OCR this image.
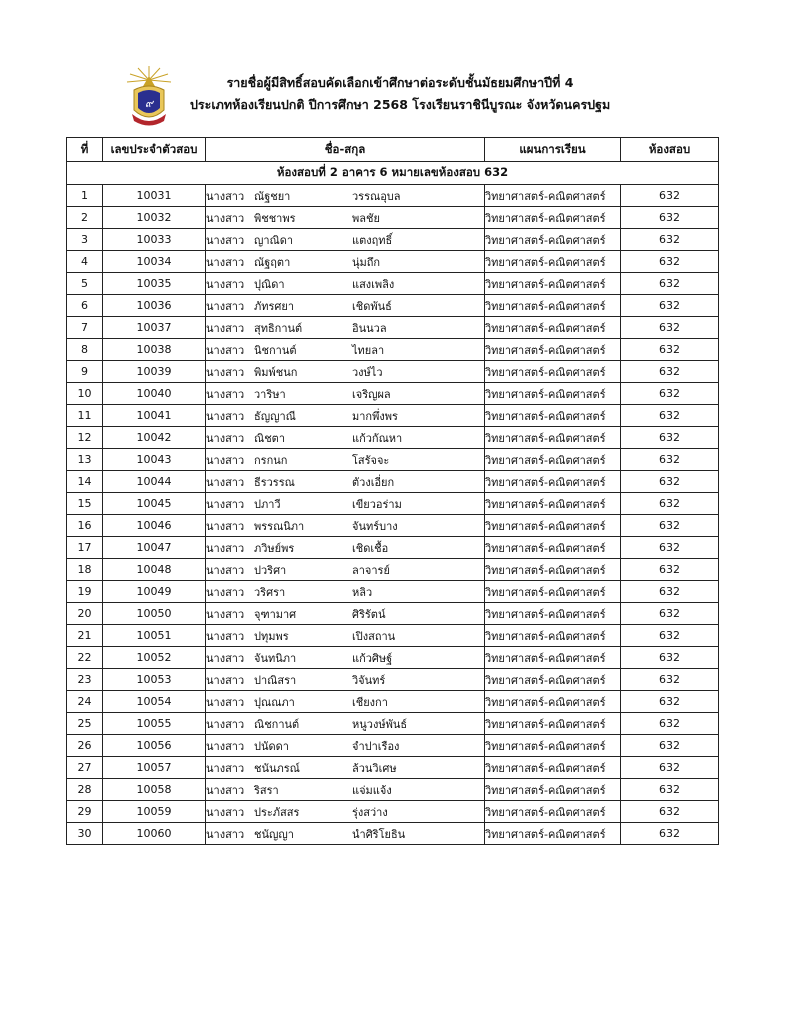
๙
รายชื่อผู้มีสิทธิ์สอบคัดเลือกเข้าศึกษาต่อระดับชั้นมัธยมศึกษาปีที่ 4
ประเภทห้องเรียนปกติ ปีการศึกษา 2568 โรงเรียนราชินีบูรณะ จังหวัดนครปฐม
ที่	เลขประจำตัวสอบ	ชื่อ-สกุล	แผนการเรียน	ห้องสอบ
ห้องสอบที่ 2 อาคาร 6 หมายเลขห้องสอบ 632				
1	10031	นางสาว ณัฐชยา วรรณอุบล	วิทยาศาสตร์-คณิตศาสตร์	632
2	10032	นางสาว พิชชาพร พลชัย	วิทยาศาสตร์-คณิตศาสตร์	632
3	10033	นางสาว ญาณิดา แตงฤทธิ์	วิทยาศาสตร์-คณิตศาสตร์	632
4	10034	นางสาว ณัฐฤตา นุ่มถึก	วิทยาศาสตร์-คณิตศาสตร์	632
5	10035	นางสาว ปุณิดา แสงเพลิง	วิทยาศาสตร์-คณิตศาสตร์	632
6	10036	นางสาว ภัทรศยา เชิดพันธ์	วิทยาศาสตร์-คณิตศาสตร์	632
7	10037	นางสาว สุทธิกานต์ อินนวล	วิทยาศาสตร์-คณิตศาสตร์	632
8	10038	นางสาว นิชกานต์ ไทยลา	วิทยาศาสตร์-คณิตศาสตร์	632
9	10039	นางสาว พิมพ์ชนก วงษ์ไว	วิทยาศาสตร์-คณิตศาสตร์	632
10	10040	นางสาว วาริษา เจริญผล	วิทยาศาสตร์-คณิตศาสตร์	632
11	10041	นางสาว ธัญญาณี มากพึ่งพร	วิทยาศาสตร์-คณิตศาสตร์	632
12	10042	นางสาว ณิชตา แก้วกัณหา	วิทยาศาสตร์-คณิตศาสตร์	632
13	10043	นางสาว กรกนก โสรัจจะ	วิทยาศาสตร์-คณิตศาสตร์	632
14	10044	นางสาว ธีรวรรณ ตัวงเอี่ยก	วิทยาศาสตร์-คณิตศาสตร์	632
15	10045	นางสาว ปภาวี เขียวอร่าม	วิทยาศาสตร์-คณิตศาสตร์	632
16	10046	นางสาว พรรณนิภา จันทร์บาง	วิทยาศาสตร์-คณิตศาสตร์	632
17	10047	นางสาว ภวิษย์พร เชิดเชื้อ	วิทยาศาสตร์-คณิตศาสตร์	632
18	10048	นางสาว ปวริศา ลาจารย์	วิทยาศาสตร์-คณิตศาสตร์	632
19	10049	นางสาว วริศรา หลิว	วิทยาศาสตร์-คณิตศาสตร์	632
20	10050	นางสาว จุฑามาศ ศิริรัตน์	วิทยาศาสตร์-คณิตศาสตร์	632
21	10051	นางสาว ปทุมพร เปิงสถาน	วิทยาศาสตร์-คณิตศาสตร์	632
22	10052	นางสาว จันทนิภา แก้วศิษฐ์	วิทยาศาสตร์-คณิตศาสตร์	632
23	10053	นางสาว ปาณิสรา วิจันทร์	วิทยาศาสตร์-คณิตศาสตร์	632
24	10054	นางสาว ปุณณภา เชียงกา	วิทยาศาสตร์-คณิตศาสตร์	632
25	10055	นางสาว ณิชกานต์ หนูวงษ์พันธ์	วิทยาศาสตร์-คณิตศาสตร์	632
26	10056	นางสาว ปนัดดา จำปาเรือง	วิทยาศาสตร์-คณิตศาสตร์	632
27	10057	นางสาว ชนันภรณ์ ล้วนวิเศษ	วิทยาศาสตร์-คณิตศาสตร์	632
28	10058	นางสาว ริสรา แจ่มแจ้ง	วิทยาศาสตร์-คณิตศาสตร์	632
29	10059	นางสาว ประภัสสร รุ่งสว่าง	วิทยาศาสตร์-คณิตศาสตร์	632
30	10060	นางสาว ชนัญญา นำศิริโยธิน	วิทยาศาสตร์-คณิตศาสตร์	632
